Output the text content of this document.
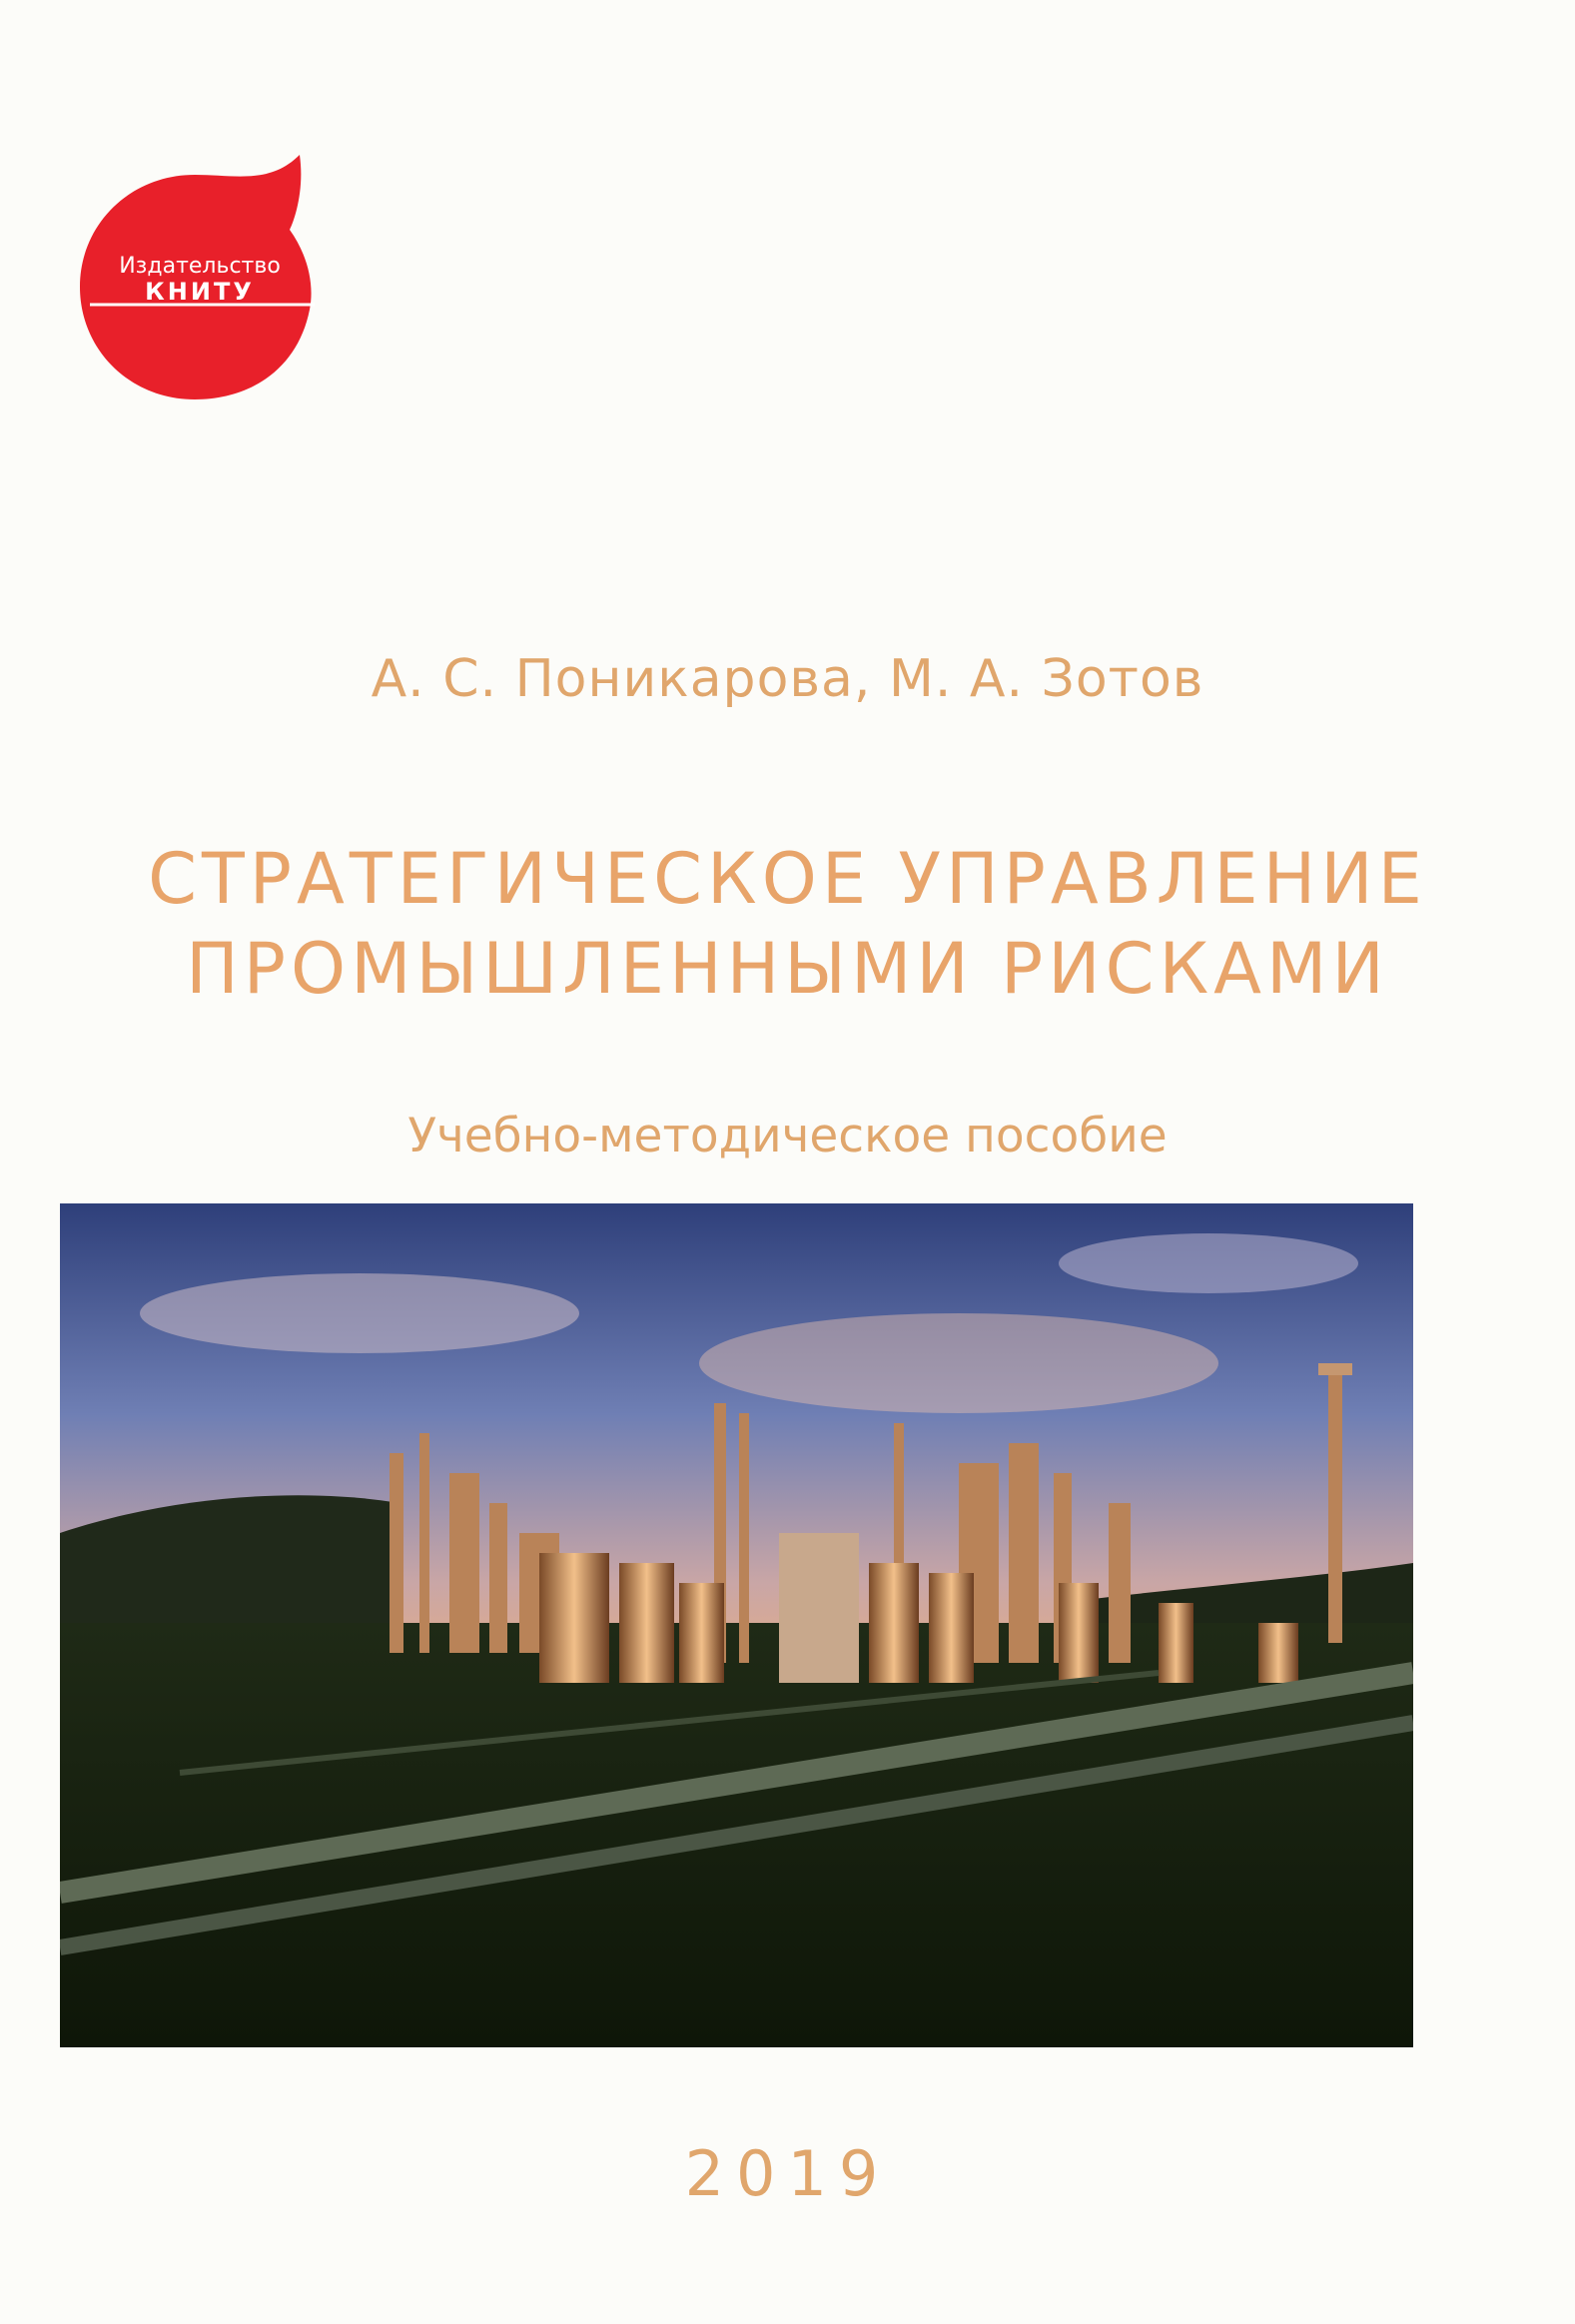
Издательство
КНИТУ
А. С. Поникарова, М. А. Зотов
СТРАТЕГИЧЕСКОЕ УПРАВЛЕНИЕ
ПРОМЫШЛЕННЫМИ РИСКАМИ
Учебно-методическое пособие
2019
